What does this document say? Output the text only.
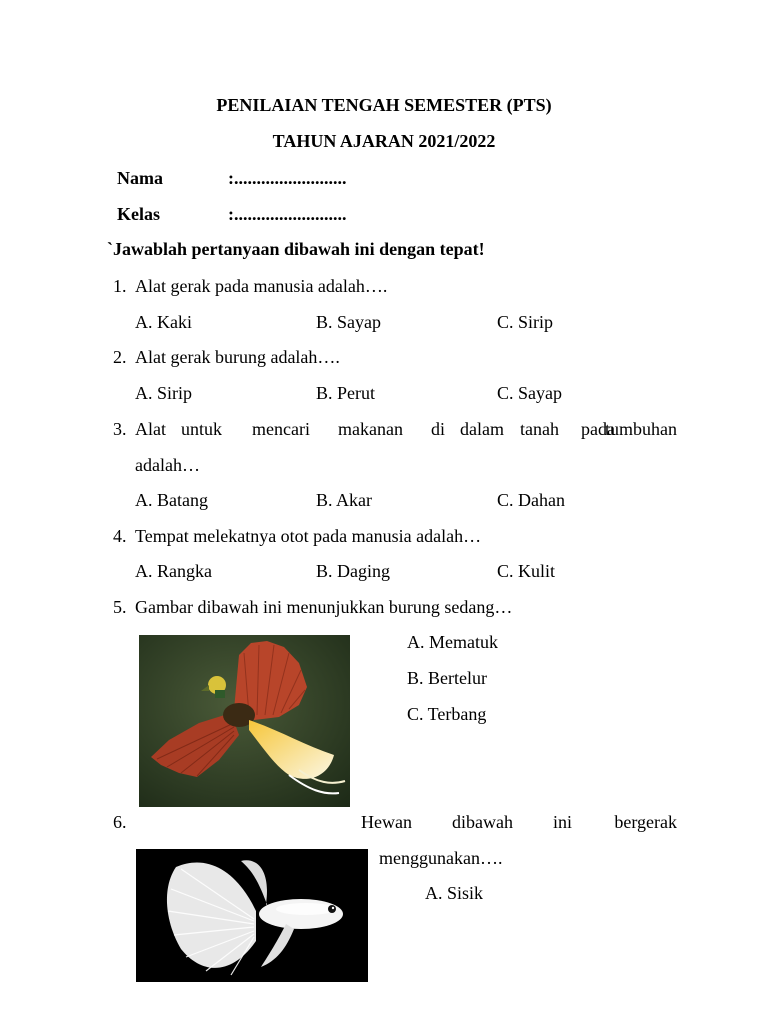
PENILAIAN TENGAH SEMESTER (PTS)
TAHUN AJARAN 2021/2022
Nama	:.........................
Kelas	:.........................
`Jawablah pertanyaan dibawah ini dengan tepat!
1. Alat gerak pada manusia adalah….
A. Kaki	B. Sayap	C. Sirip
2. Alat gerak burung adalah….
A. Sirip	B. Perut	C. Sayap
3. Alat untuk mencari makanan di dalam tanah pada
tumbuhan
adalah…
A. Batang	B. Akar	C. Dahan
4. Tempat melekatnya otot pada manusia adalah…
A. Rangka	B. Daging	C. Kulit
5. Gambar dibawah ini menunjukkan burung sedang…
A. Mematuk
B. Bertelur
C. Terbang
6.	Hewan dibawah ini	bergerak
menggunakan….
A. Sisik
